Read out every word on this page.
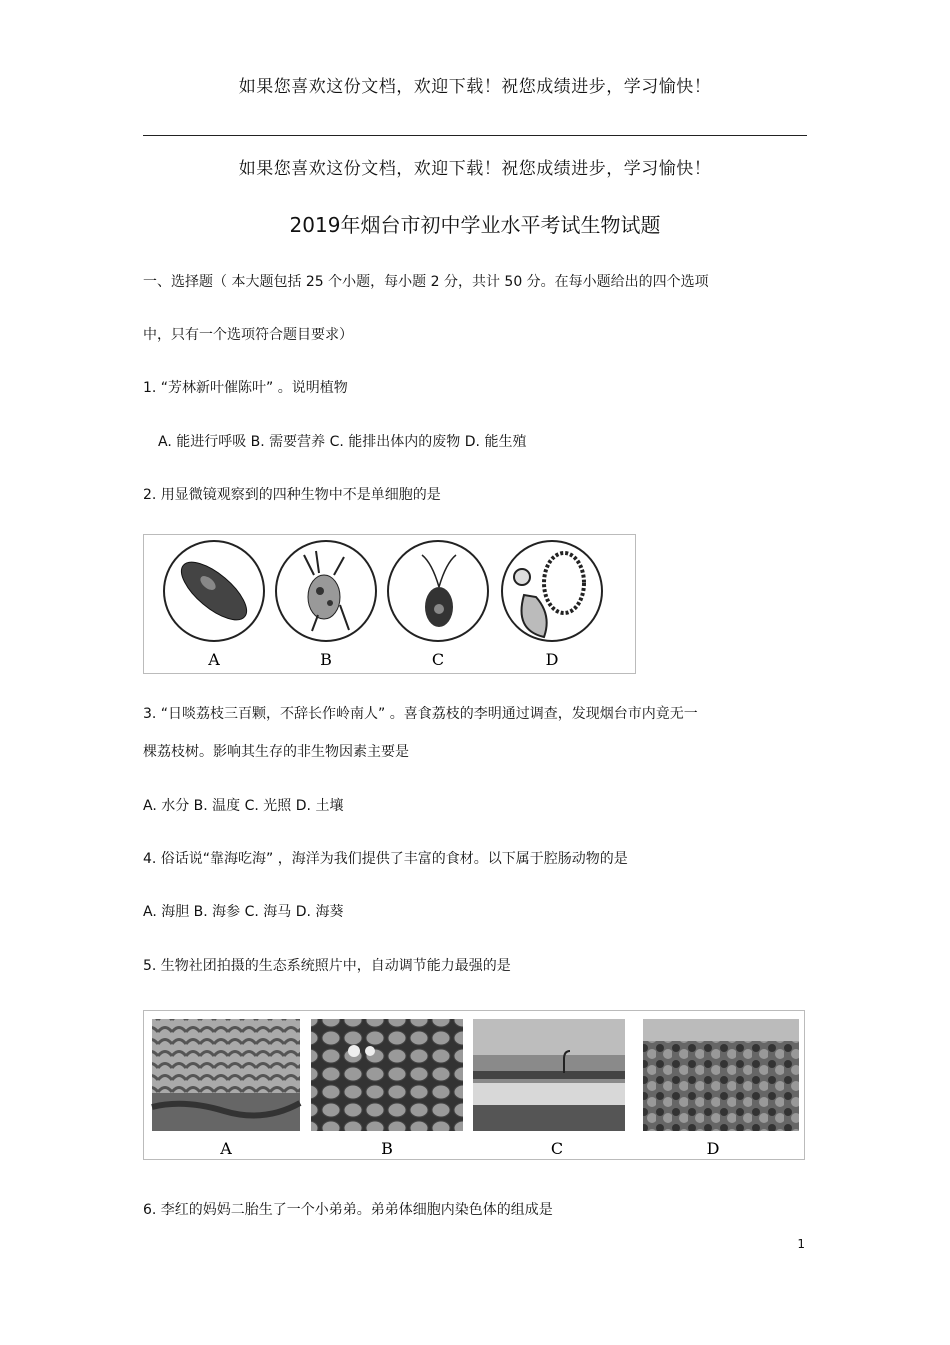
如果您喜欢这份文档，欢迎下载！祝您成绩进步，学习愉快！
如果您喜欢这份文档，欢迎下载！祝您成绩进步，学习愉快！
2019年烟台市初中学业水平考试生物试题
一、选择题（ 本大题包括 25 个小题，每小题 2 分，共计 50 分。在每小题给出的四个选项
中，只有一个选项符合题目要求）
1. “芳林新叶催陈叶” 。说明植物
A. 能进行呼吸 B. 需要营养 C. 能排出体内的废物 D. 能生殖
2. 用显微镜观察到的四种生物中不是单细胞的是
A	B	C	D
3. “日啖荔枝三百颗，不辞长作岭南人” 。喜食荔枝的李明通过调查，发现烟台市内竟无一
棵荔枝树。影响其生存的非生物因素主要是
A. 水分 B. 温度 C. 光照 D. 土壤
4. 俗话说“靠海吃海” ，海洋为我们提供了丰富的食材。以下属于腔肠动物的是
A. 海胆 B. 海参 C. 海马 D. 海葵
5. 生物社团拍摄的生态系统照片中，自动调节能力最强的是
A	B	C	D
6. 李红的妈妈二胎生了一个小弟弟。弟弟体细胞内染色体的组成是
1
